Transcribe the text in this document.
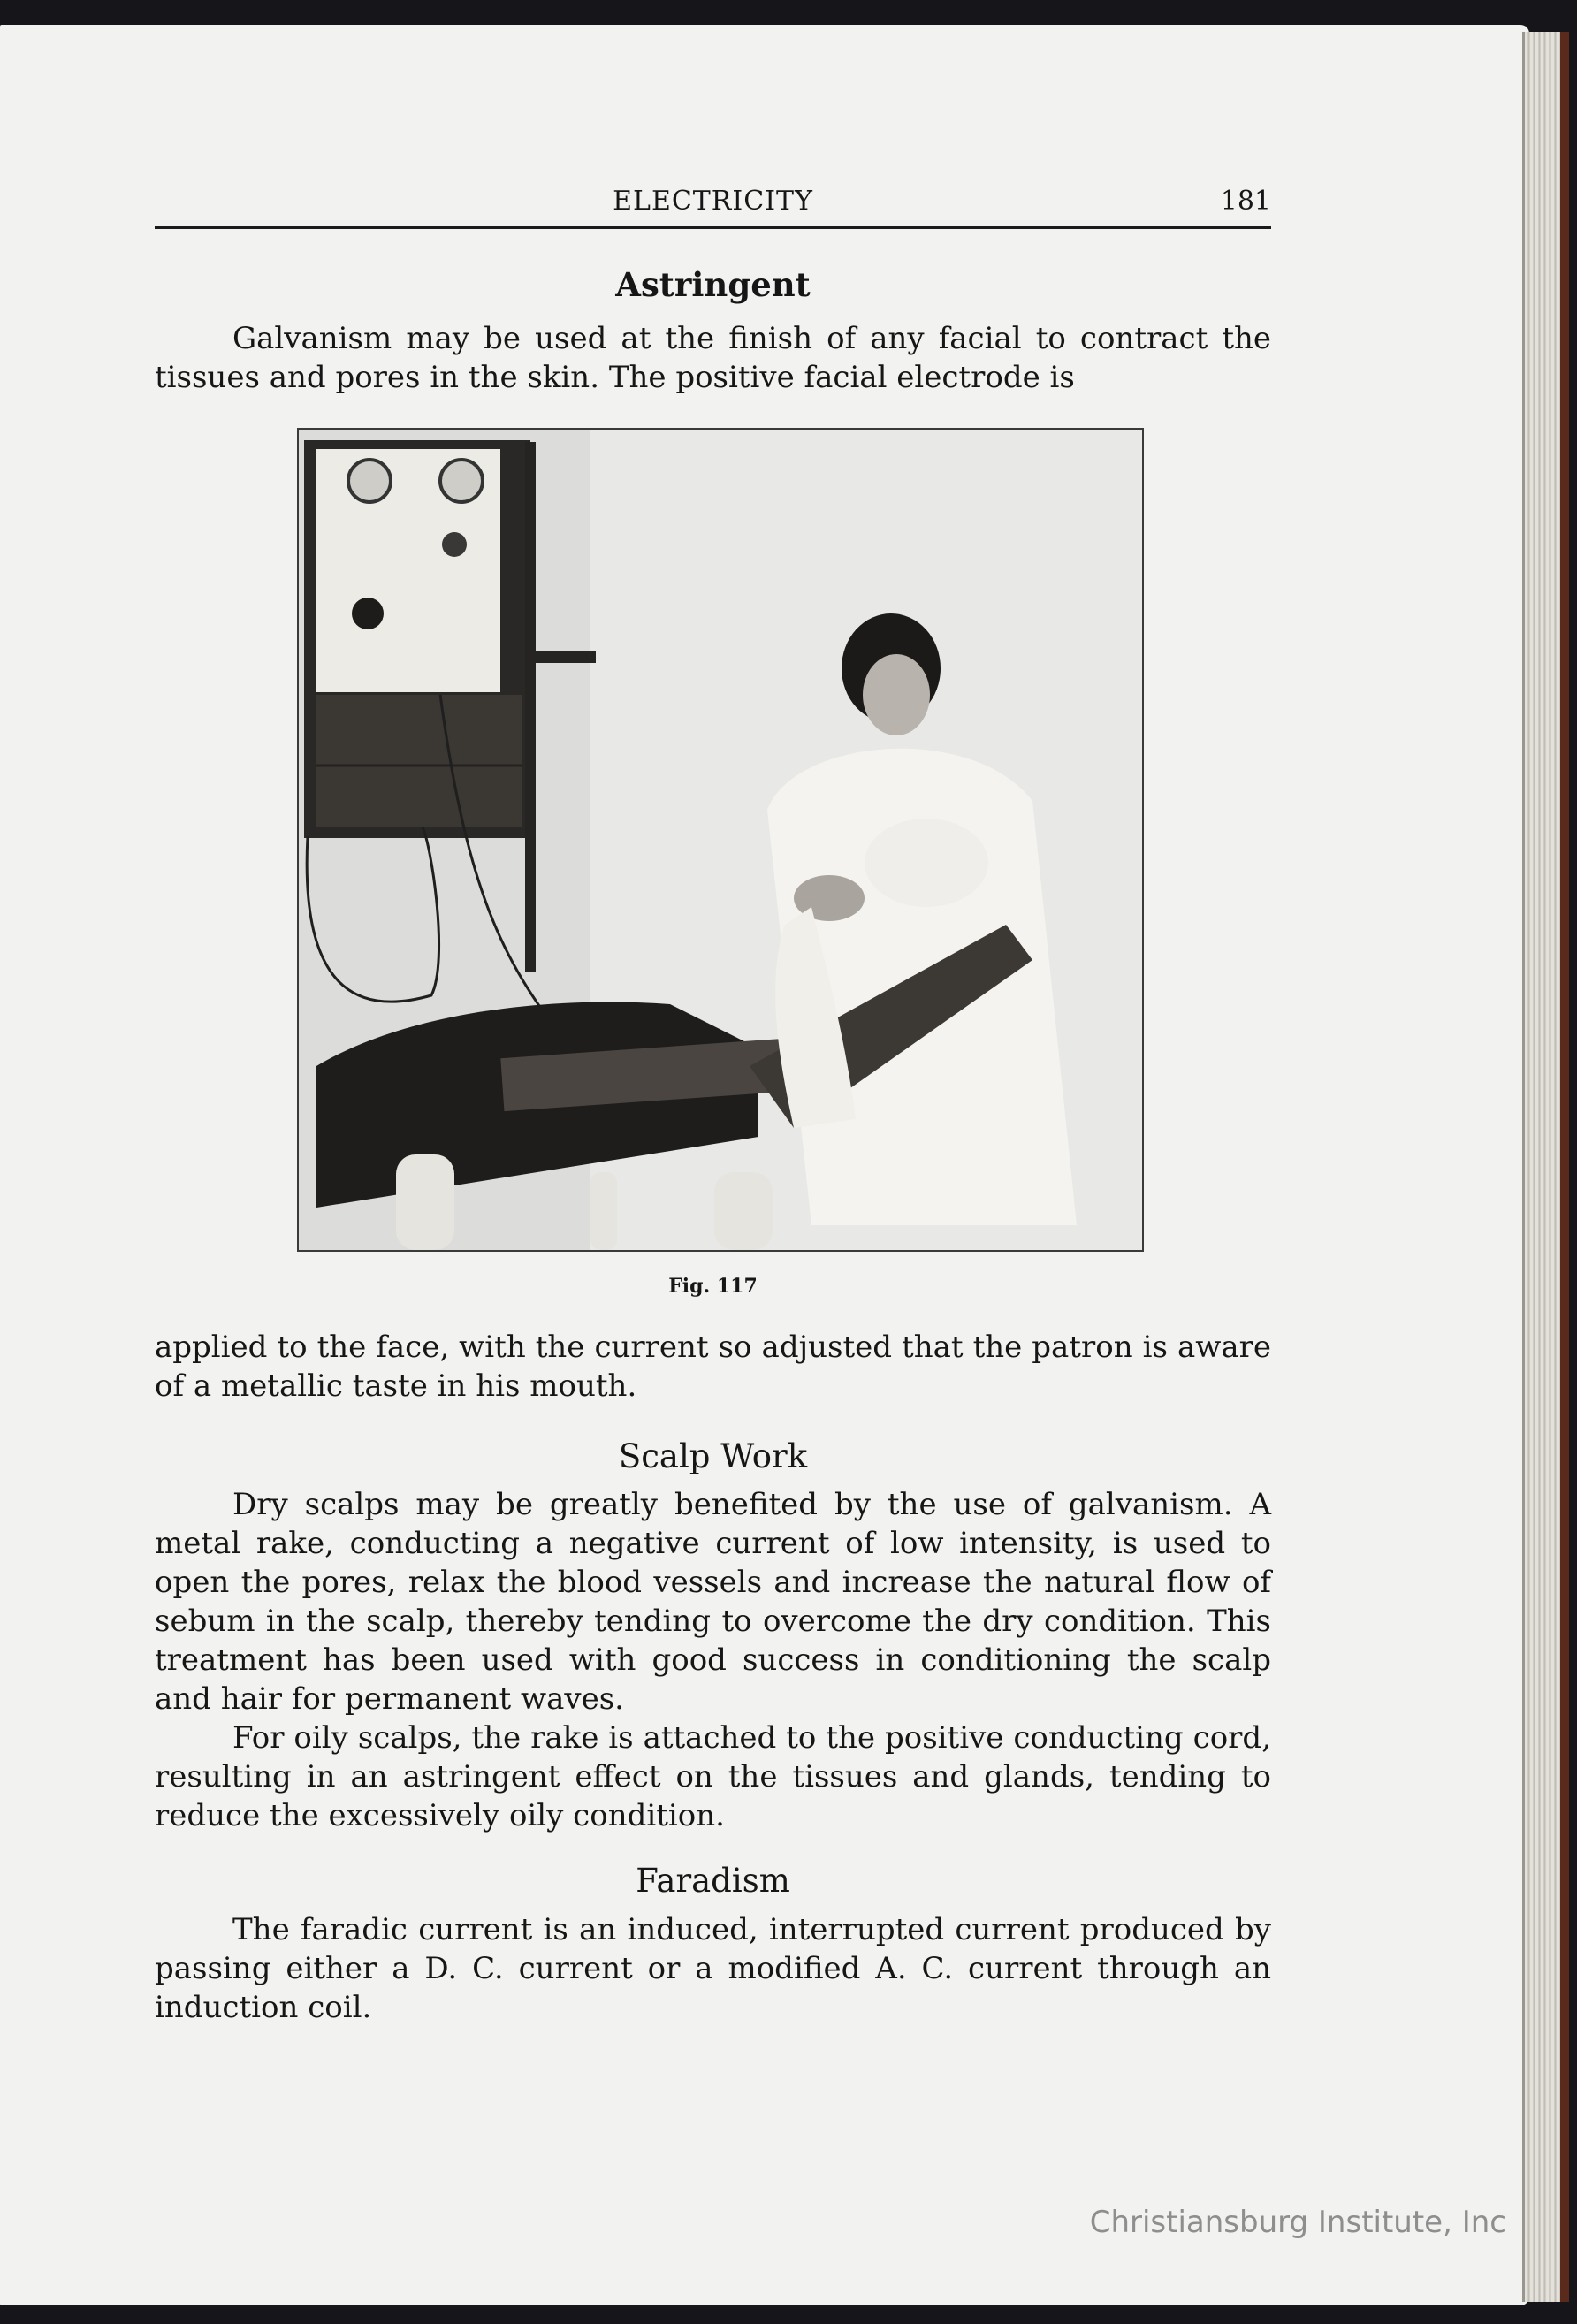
ELECTRICITY	181
Astringent

Galvanism may be used at the finish of any facial to contract the tissues and pores in the skin. The positive facial electrode is

Fig. 117

applied to the face, with the current so adjusted that the patron is aware of a metallic taste in his mouth.

Scalp Work

Dry scalps may be greatly benefited by the use of galvanism. A metal rake, conducting a negative current of low intensity, is used to open the pores, relax the blood vessels and increase the natural flow of sebum in the scalp, thereby tending to overcome the dry condition. This treatment has been used with good success in conditioning the scalp and hair for permanent waves.

For oily scalps, the rake is attached to the positive conducting cord, resulting in an astringent effect on the tissues and glands, tending to reduce the excessively oily condition.

Faradism

The faradic current is an induced, interrupted current produced by passing either a D. C. current or a modified A. C. current through an induction coil.

Christiansburg Institute, Inc
